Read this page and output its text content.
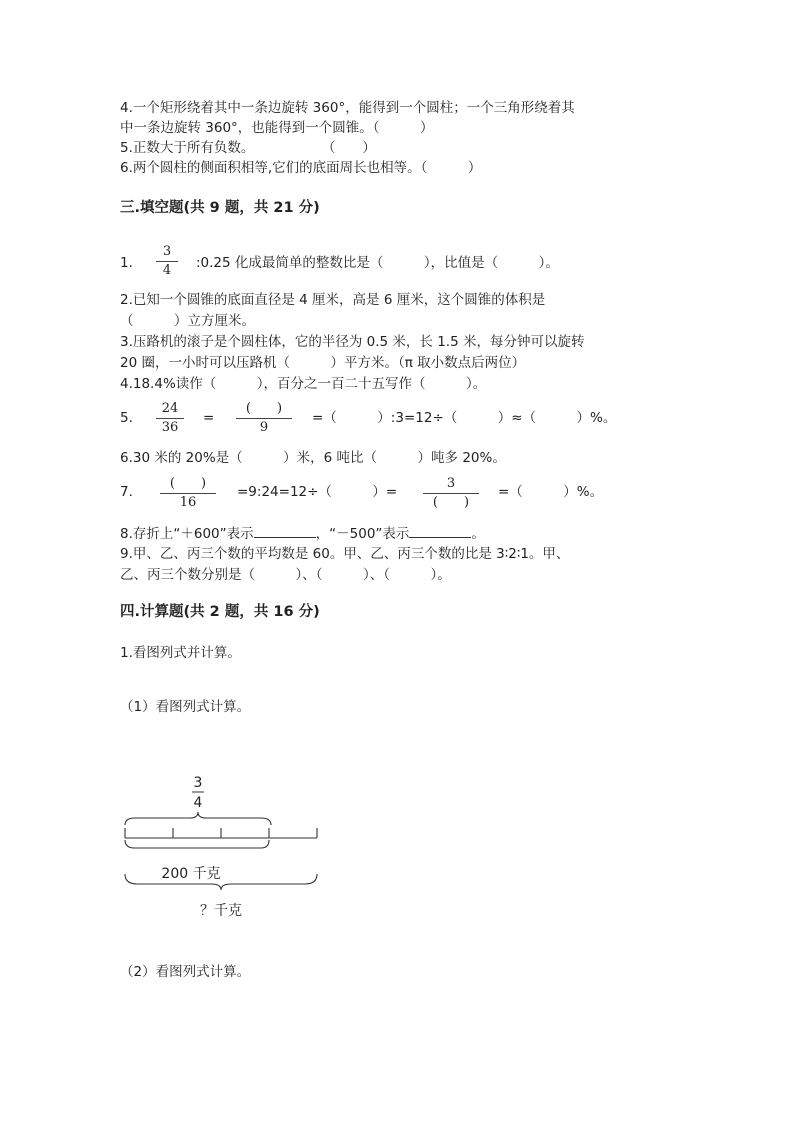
4.一个矩形绕着其中一条边旋转 360°，能得到一个圆柱；一个三角形绕着其
中一条边旋转 360°，也能得到一个圆锥。（　　　）
5.正数大于所有负数。　　　　　　（　　）
6.两个圆柱的侧面积相等,它们的底面周长也相等。（　　　）
三.填空题(共 9 题，共 21 分)
1.
3
4	:0.25 化成最简单的整数比是（　　　），比值是（　　　）。
2.已知一个圆锥的底面直径是 4 厘米，高是 6 厘米，这个圆锥的体积是
（　　　）立方厘米。
3.压路机的滚子是个圆柱体，它的半径为 0.5 米，长 1.5 米，每分钟可以旋转
20 圈，一小时可以压路机（　　　）平方米。（π 取小数点后两位）
4.18.4%读作（　　　），百分之一百二十五写作（　　　）。
5.
24
36
=
(　　)
9
=（　　　）:3=12÷（　　　）≈（　　　）%。
6.30 米的 20%是（　　　）米，6 吨比（　　　）吨多 20%。
7.
(　　)
16
=9:24=12÷（　　　）=
3
(　　)
=（　　　）%。
8.存折上“＋600”表示	，“－500”表示	。
9.甲、乙、丙三个数的平均数是 60。甲、乙、丙三个数的比是 3∶2∶1。甲、
乙、丙三个数分别是（　　　）、（　　　）、（　　　）。
四.计算题(共 2 题，共 16 分)
1.看图列式并计算。
（1）看图列式计算。
3
4
200 千克
？千克
（2）看图列式计算。
